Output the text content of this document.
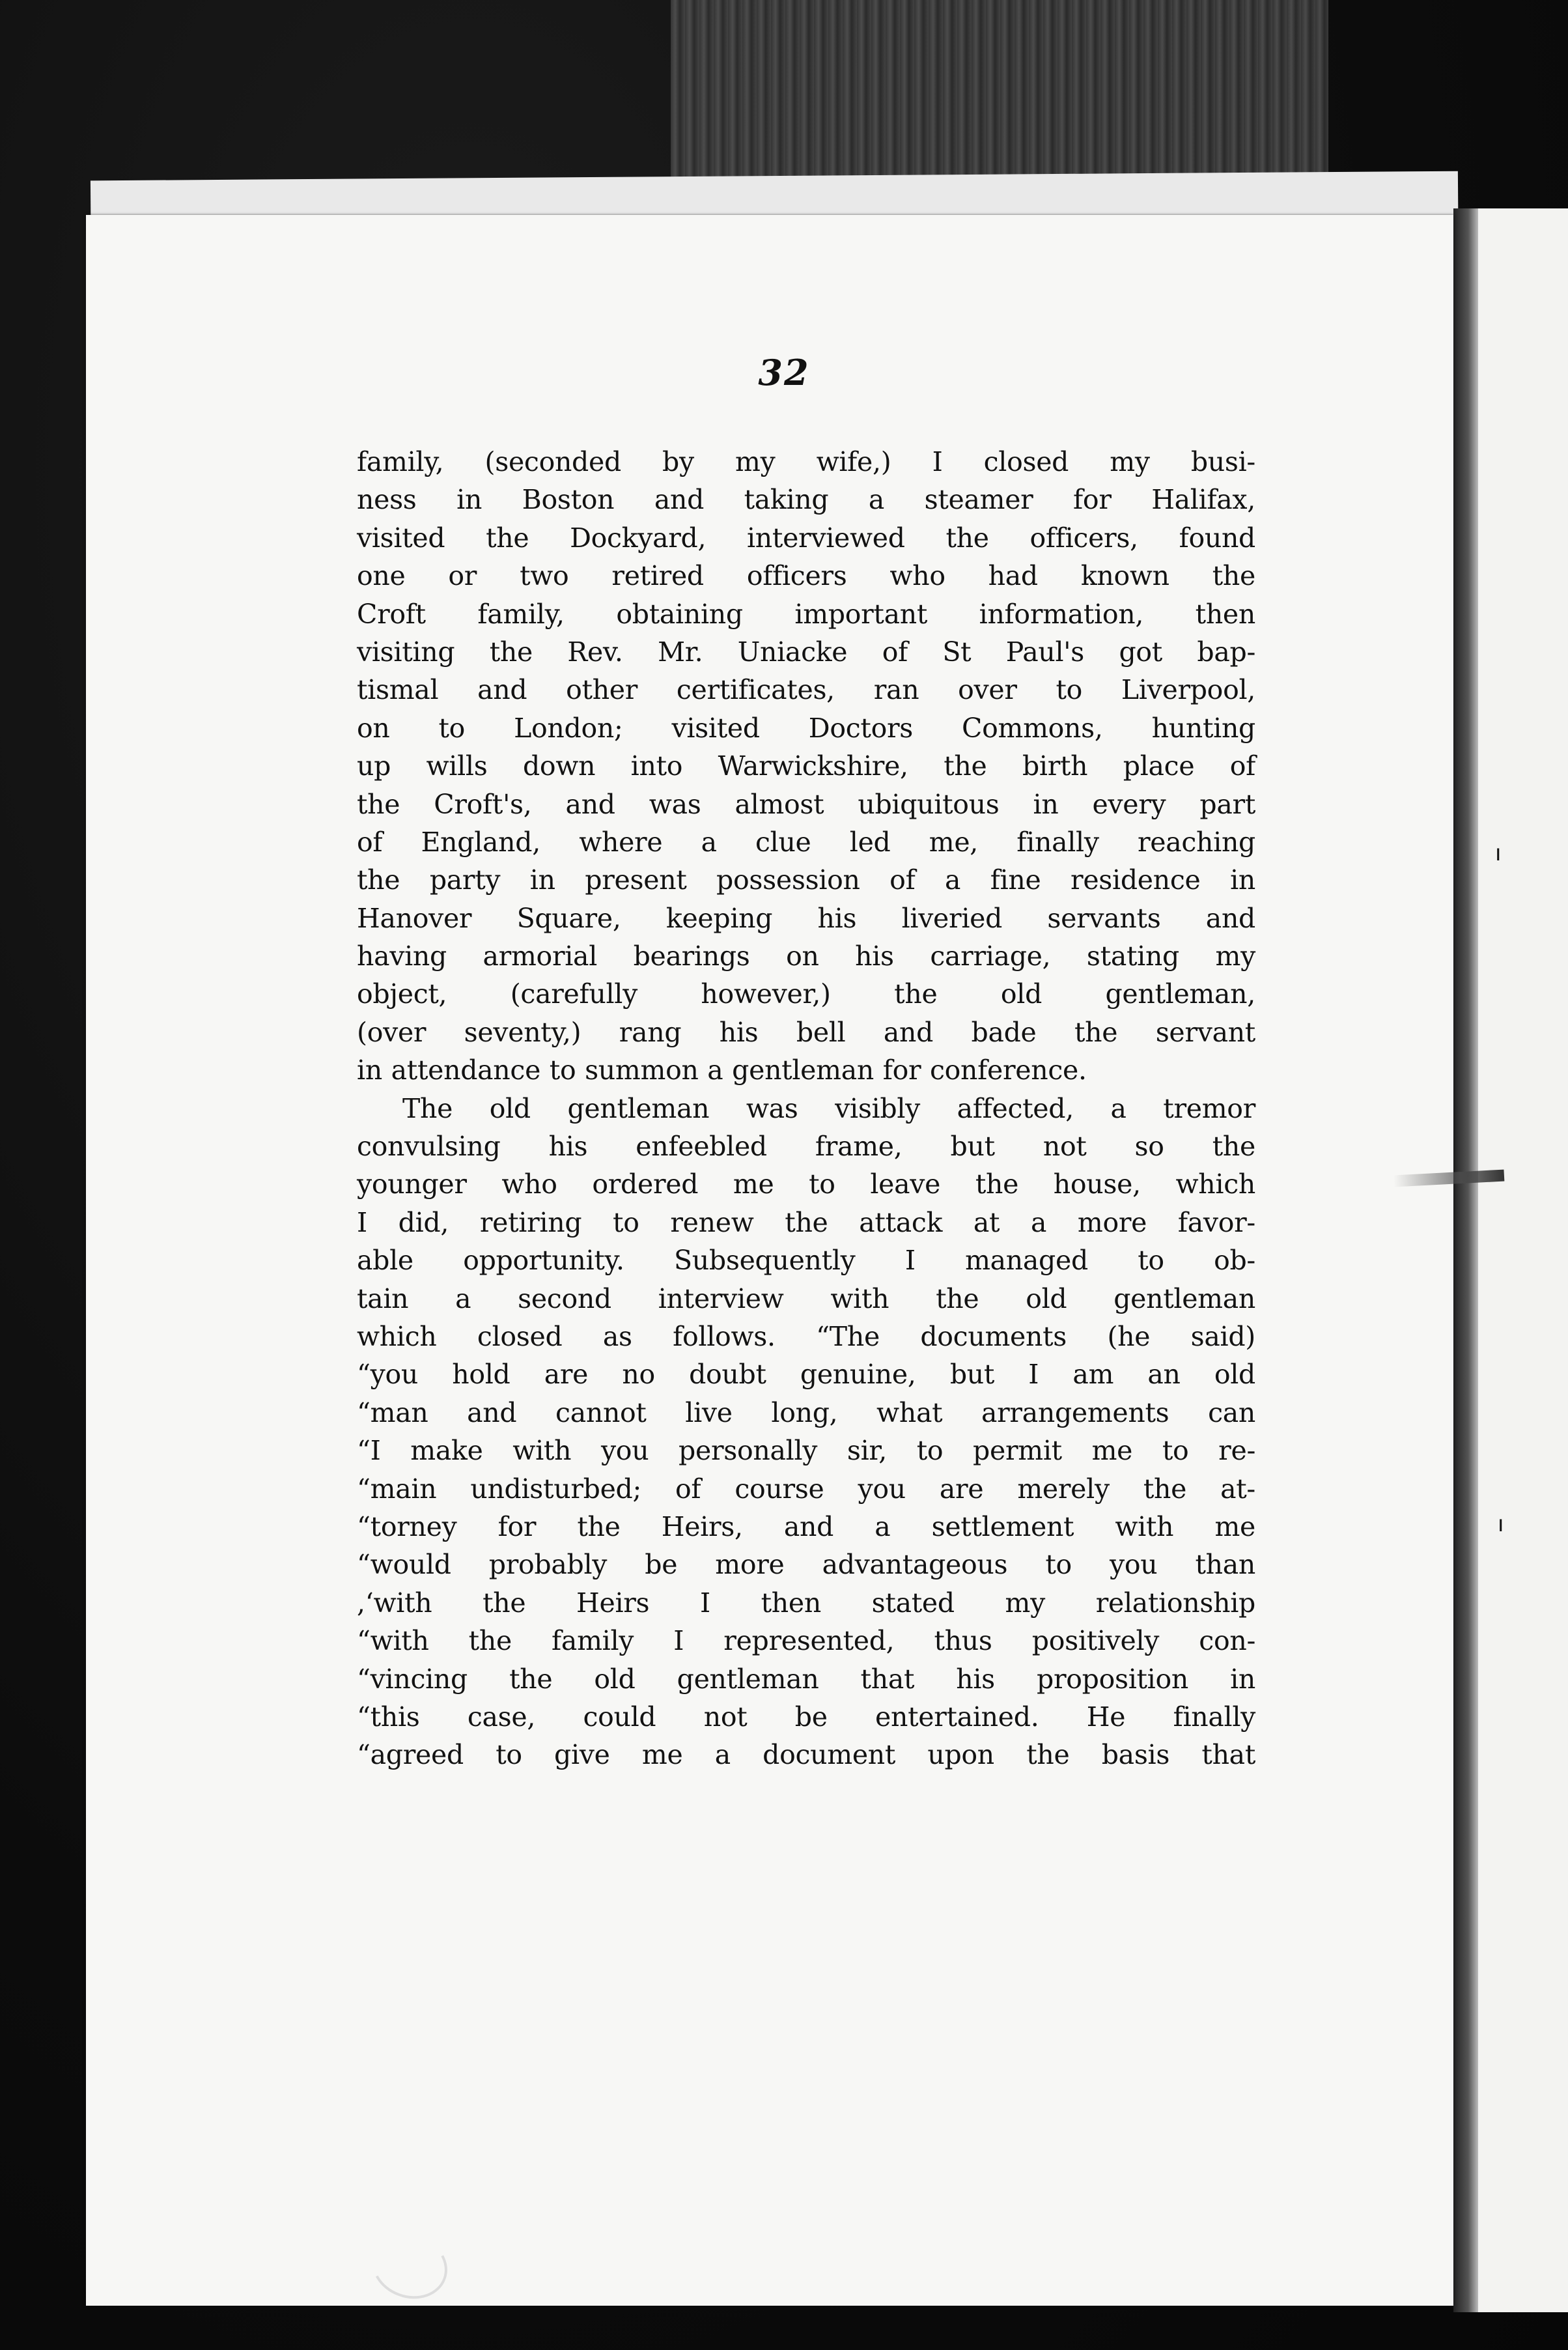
32
family, (seconded by my wife,) I closed my busi-
ness in Boston and taking a steamer for Halifax,
visited the Dockyard, interviewed the officers, found
one or two retired officers who had known the
Croft family, obtaining important information, then
visiting the Rev. Mr. Uniacke of St Paul's got bap-
tismal and other certificates, ran over to Liverpool,
on to London; visited Doctors Commons, hunting
up wills down into Warwickshire, the birth place of
the Croft's, and was almost ubiquitous in every part
of England, where a clue led me, finally reaching
the party in present possession of a fine residence in
Hanover Square, keeping his liveried servants and
having armorial bearings on his carriage, stating my
object, (carefully however,) the old gentleman,
(over seventy,) rang his bell and bade the servant
in attendance to summon a gentleman for conference.
The old gentleman was visibly affected, a tremor
convulsing his enfeebled frame, but not so the
younger who ordered me to leave the house, which
I did, retiring to renew the attack at a more favor-
able opportunity. Subsequently I managed to ob-
tain a second interview with the old gentleman
which closed as follows. “The documents (he said)
“you hold are no doubt genuine, but I am an old
“man and cannot live long, what arrangements can
“I make with you personally sir, to permit me to re-
“main undisturbed; of course you are merely the at-
“torney for the Heirs, and a settlement with me
“would probably be more advantageous to you than
,‘with the Heirs I then stated my relationship
“with the family I represented, thus positively con-
“vincing the old gentleman that his proposition in
“this case, could not be entertained. He finally
“agreed to give me a document upon the basis that
ı
ı
